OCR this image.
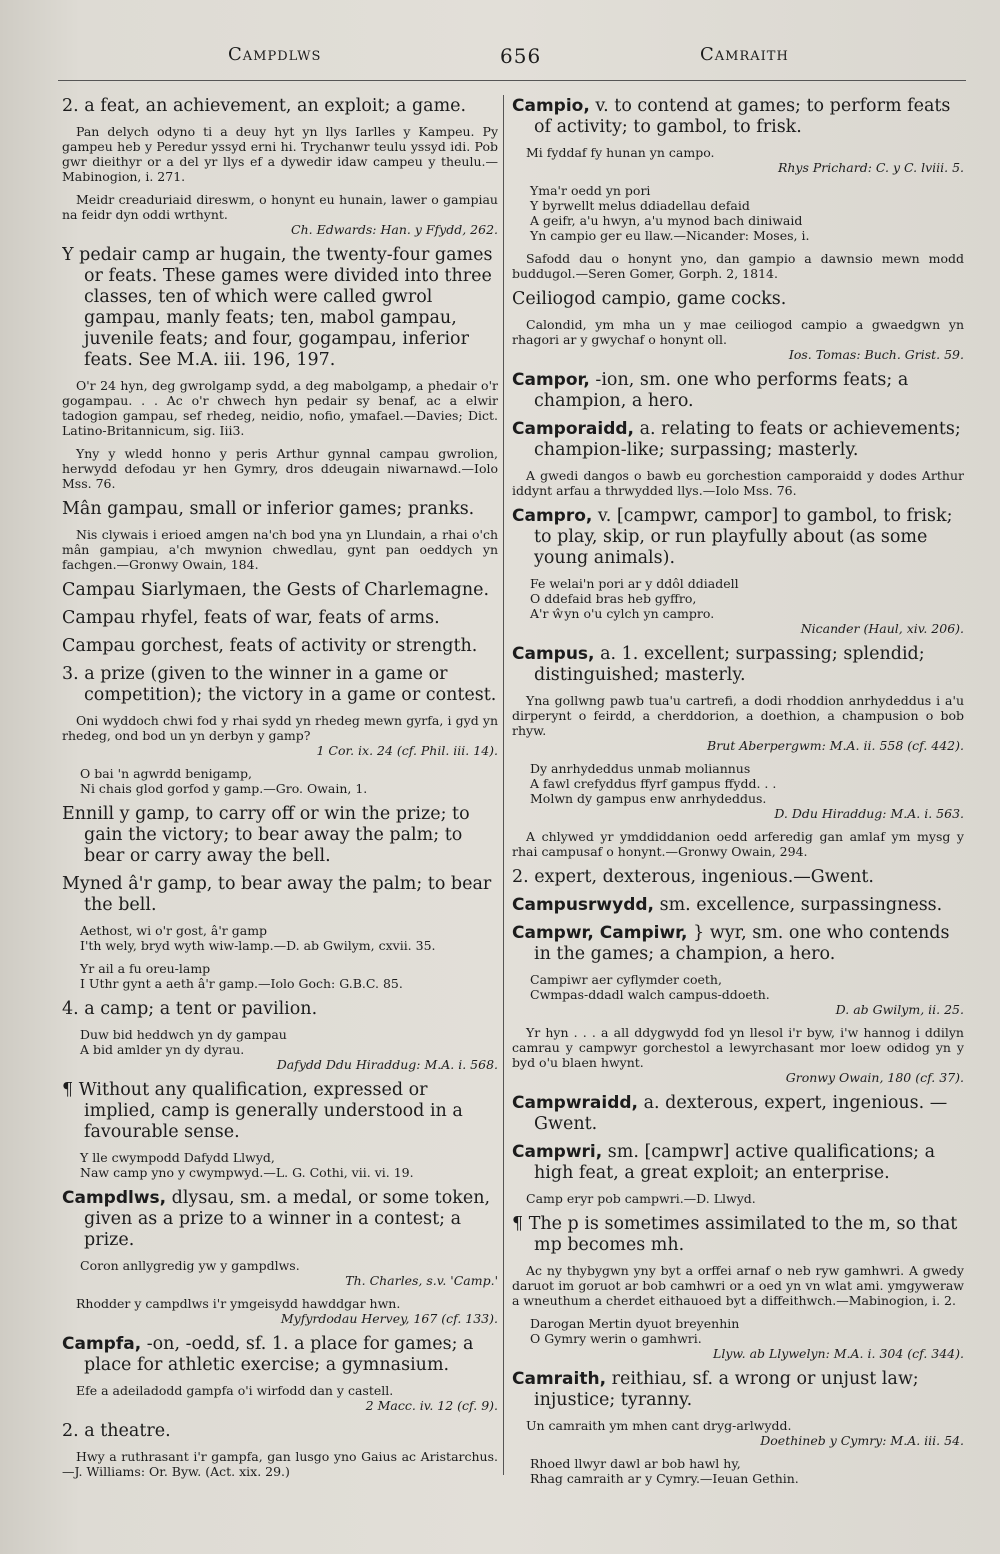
Campdlws	656	Camraith
2. a feat, an achievement, an exploit; a game.
Pan delych odyno ti a deuy hyt yn llys Iarlles y Kampeu. Py gampeu heb y Peredur yssyd erni hi. Trychanwr teulu yssyd idi. Pob gwr dieithyr or a del yr llys ef a dywedir idaw campeu y theulu.—Mabinogion, i. 271.
Meidr creaduriaid direswm, o honynt eu hunain, lawer o gampiau na feidr dyn oddi wrthynt.
Ch. Edwards: Han. y Ffydd, 262.
Y pedair camp ar hugain, the twenty-four games or feats. These games were divided into three classes, ten of which were called gwrol gampau, manly feats; ten, mabol gampau, juvenile feats; and four, gogampau, inferior feats. See M.A. iii. 196, 197.
O'r 24 hyn, deg gwrolgamp sydd, a deg mabolgamp, a phedair o'r gogampau. . . Ac o'r chwech hyn pedair sy benaf, ac a elwir tadogion gampau, sef rhedeg, neidio, nofio, ymafael.—Davies; Dict. Latino-Britannicum, sig. Iii3.
Yny y wledd honno y peris Arthur gynnal campau gwrolion, herwydd defodau yr hen Gymry, dros ddeugain niwarnawd.—Iolo Mss. 76.
Mân gampau, small or inferior games; pranks.
Nis clywais i erioed amgen na'ch bod yna yn Llundain, a rhai o'ch mân gampiau, a'ch mwynion chwedlau, gynt pan oeddych yn fachgen.—Gronwy Owain, 184.
Campau Siarlymaen, the Gests of Charlemagne.
Campau rhyfel, feats of war, feats of arms.
Campau gorchest, feats of activity or strength.
3. a prize (given to the winner in a game or competition); the victory in a game or contest.
Oni wyddoch chwi fod y rhai sydd yn rhedeg mewn gyrfa, i gyd yn rhedeg, ond bod un yn derbyn y gamp?
1 Cor. ix. 24 (cf. Phil. iii. 14).
O bai 'n agwrdd benigamp,
Ni chais glod gorfod y gamp.—Gro. Owain, 1.
Ennill y gamp, to carry off or win the prize; to gain the victory; to bear away the palm; to bear or carry away the bell.
Myned â'r gamp, to bear away the palm; to bear the bell.
Aethost, wi o'r gost, â'r gamp
I'th wely, bryd wyth wiw-lamp.—D. ab Gwilym, cxvii. 35.
Yr ail a fu oreu-lamp
I Uthr gynt a aeth â'r gamp.—Iolo Goch: G.B.C. 85.
4. a camp; a tent or pavilion.
Duw bid heddwch yn dy gampau
A bid amlder yn dy dyrau.
Dafydd Ddu Hiraddug: M.A. i. 568.
¶ Without any qualification, expressed or implied, camp is generally understood in a favourable sense.
Y lle cwympodd Dafydd Llwyd,
Naw camp yno y cwympwyd.—L. G. Cothi, vii. vi. 19.
Campdlws, dlysau, sm. a medal, or some token, given as a prize to a winner in a contest; a prize.
Coron anllygredig yw y gampdlws.
Th. Charles, s.v. 'Camp.'
Rhodder y campdlws i'r ymgeisydd hawddgar hwn.
Myfyrdodau Hervey, 167 (cf. 133).
Campfa, -on, -oedd, sf. 1. a place for games; a place for athletic exercise; a gymnasium.
Efe a adeiladodd gampfa o'i wirfodd dan y castell.
2 Macc. iv. 12 (cf. 9).
2. a theatre.
Hwy a ruthrasant i'r gampfa, gan lusgo yno Gaius ac Aristarchus.—J. Williams: Or. Byw. (Act. xix. 29.)
Campio, v. to contend at games; to perform feats of activity; to gambol, to frisk.
Mi fyddaf fy hunan yn campo.
Rhys Prichard: C. y C. lviii. 5.
Yma'r oedd yn pori
Y byrwellt melus ddiadellau defaid
A geifr, a'u hwyn, a'u mynod bach diniwaid
Yn campio ger eu llaw.—Nicander: Moses, i.
Safodd dau o honynt yno, dan gampio a dawnsio mewn modd buddugol.—Seren Gomer, Gorph. 2, 1814.
Ceiliogod campio, game cocks.
Calondid, ym mha un y mae ceiliogod campio a gwaedgwn yn rhagori ar y gwychaf o honynt oll.
Ios. Tomas: Buch. Grist. 59.
Campor, -ion, sm. one who performs feats; a champion, a hero.
Camporaidd, a. relating to feats or achievements; champion-like; surpassing; masterly.
A gwedi dangos o bawb eu gorchestion camporaidd y dodes Arthur iddynt arfau a thrwydded llys.—Iolo Mss. 76.
Campro, v. [campwr, campor] to gambol, to frisk; to play, skip, or run playfully about (as some young animals).
Fe welai'n pori ar y ddôl ddiadell
O ddefaid bras heb gyffro,
A'r ŵyn o'u cylch yn campro.
Nicander (Haul, xiv. 206).
Campus, a. 1. excellent; surpassing; splendid; distinguished; masterly.
Yna gollwng pawb tua'u cartrefi, a dodi rhoddion anrhydeddus i a'u dirperynt o feirdd, a cherddorion, a doethion, a champusion o bob rhyw.
Brut Aberpergwm: M.A. ii. 558 (cf. 442).
Dy anrhydeddus unmab moliannus
A fawl crefyddus ffyrf gampus ffydd. . .
Molwn dy gampus enw anrhydeddus.
D. Ddu Hiraddug: M.A. i. 563.
A chlywed yr ymddiddanion oedd arferedig gan amlaf ym mysg y rhai campusaf o honynt.—Gronwy Owain, 294.
2. expert, dexterous, ingenious.—Gwent.
Campusrwydd, sm. excellence, surpassingness.
Campwr, Campiwr, } wyr, sm. one who contends in the games; a champion, a hero.
Campiwr aer cyflymder coeth,
Cwmpas-ddadl walch campus-ddoeth.
D. ab Gwilym, ii. 25.
Yr hyn . . . a all ddygwydd fod yn llesol i'r byw, i'w hannog i ddilyn camrau y campwyr gorchestol a lewyrchasant mor loew odidog yn y byd o'u blaen hwynt.
Gronwy Owain, 180 (cf. 37).
Campwraidd, a. dexterous, expert, ingenious. —Gwent.
Campwri, sm. [campwr] active qualifications; a high feat, a great exploit; an enterprise.
Camp eryr pob campwri.—D. Llwyd.
¶ The p is sometimes assimilated to the m, so that mp becomes mh.
Ac ny thybygwn yny byt a orffei arnaf o neb ryw gamhwri. A gwedy daruot im goruot ar bob camhwri or a oed yn vn wlat ami. ymgyweraw a wneuthum a cherdet eithauoed byt a diffeithwch.—Mabinogion, i. 2.
Darogan Mertin dyuot breyenhin
O Gymry werin o gamhwri.
Llyw. ab Llywelyn: M.A. i. 304 (cf. 344).
Camraith, reithiau, sf. a wrong or unjust law; injustice; tyranny.
Un camraith ym mhen cant dryg-arlwydd.
Doethineb y Cymry: M.A. iii. 54.
Rhoed llwyr dawl ar bob hawl hy,
Rhag camraith ar y Cymry.—Ieuan Gethin.
